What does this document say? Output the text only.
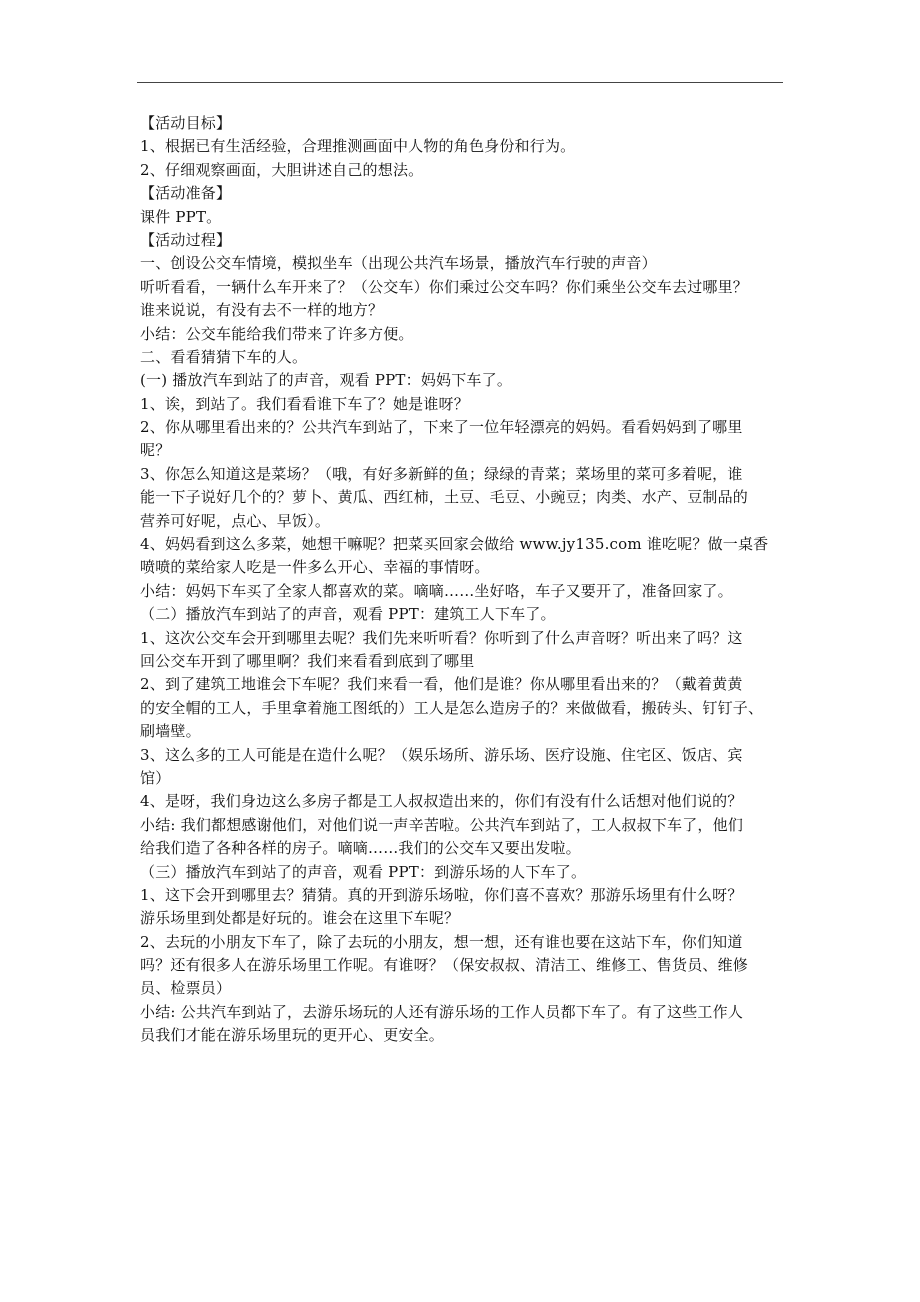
【活动目标】
1、根据已有生活经验，合理推测画面中人物的角色身份和行为。
2、仔细观察画面，大胆讲述自己的想法。
【活动准备】
课件 PPT。
【活动过程】
一、创设公交车情境，模拟坐车（出现公共汽车场景，播放汽车行驶的声音）
听听看看，一辆什么车开来了？（公交车）你们乘过公交车吗？你们乘坐公交车去过哪里？
谁来说说，有没有去不一样的地方？
小结：公交车能给我们带来了许多方便。
二、看看猜猜下车的人。
(一) 播放汽车到站了的声音，观看 PPT：妈妈下车了。
1、诶，到站了。我们看看谁下车了？她是谁呀？
2、你从哪里看出来的？公共汽车到站了，下来了一位年轻漂亮的妈妈。看看妈妈到了哪里
呢？
3、你怎么知道这是菜场？（哦，有好多新鲜的鱼；绿绿的青菜；菜场里的菜可多着呢，谁
能一下子说好几个的？萝卜、黄瓜、西红柿，土豆、毛豆、小豌豆；肉类、水产、豆制品的
营养可好呢，点心、早饭）。
4、妈妈看到这么多菜，她想干嘛呢？把菜买回家会做给 www.jy135.com 谁吃呢？做一桌香
喷喷的菜给家人吃是一件多么开心、幸福的事情呀。
小结：妈妈下车买了全家人都喜欢的菜。嘀嘀……坐好咯，车子又要开了，准备回家了。
（二）播放汽车到站了的声音，观看 PPT：建筑工人下车了。
1、这次公交车会开到哪里去呢？我们先来听听看？你听到了什么声音呀？听出来了吗？这
回公交车开到了哪里啊？我们来看看到底到了哪里
2、到了建筑工地谁会下车呢？我们来看一看，他们是谁？你从哪里看出来的？（戴着黄黄
的安全帽的工人，手里拿着施工图纸的）工人是怎么造房子的？来做做看，搬砖头、钉钉子、
刷墙壁。
3、这么多的工人可能是在造什么呢？（娱乐场所、游乐场、医疗设施、住宅区、饭店、宾
馆）
4、是呀，我们身边这么多房子都是工人叔叔造出来的，你们有没有什么话想对他们说的？
小结: 我们都想感谢他们，对他们说一声辛苦啦。公共汽车到站了，工人叔叔下车了，他们
给我们造了各种各样的房子。嘀嘀……我们的公交车又要出发啦。
（三）播放汽车到站了的声音，观看 PPT：到游乐场的人下车了。
1、这下会开到哪里去？猜猜。真的开到游乐场啦，你们喜不喜欢？那游乐场里有什么呀？
游乐场里到处都是好玩的。谁会在这里下车呢？
2、去玩的小朋友下车了，除了去玩的小朋友，想一想，还有谁也要在这站下车，你们知道
吗？还有很多人在游乐场里工作呢。有谁呀？（保安叔叔、清洁工、维修工、售货员、维修
员、检票员）
小结: 公共汽车到站了，去游乐场玩的人还有游乐场的工作人员都下车了。有了这些工作人
员我们才能在游乐场里玩的更开心、更安全。
